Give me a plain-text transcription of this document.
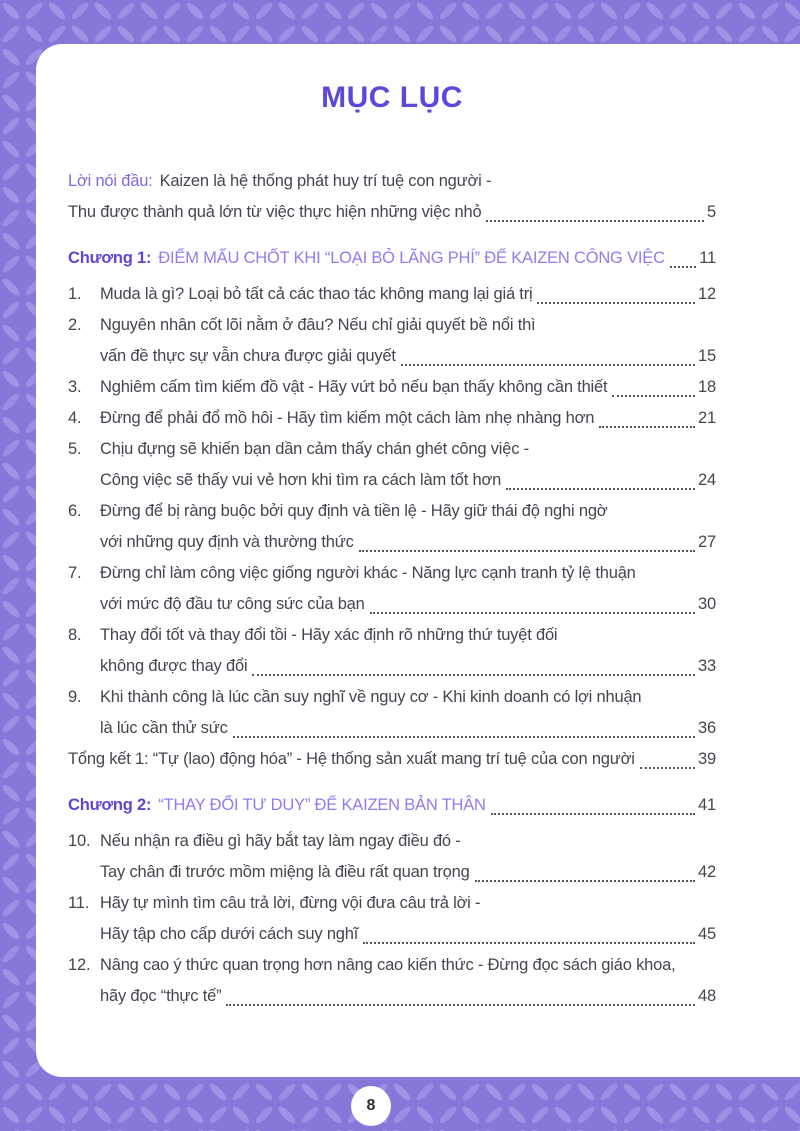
MỤC LỤC
Lời nói đầu: Kaizen là hệ thống phát huy trí tuệ con người -
Thu được thành quả lớn từ việc thực hiện những việc nhỏ	5
Chương 1: ĐIỂM MẤU CHỐT KHI “LOẠI BỎ LÃNG PHÍ” ĐỂ KAIZEN CÔNG VIỆC 11
1.	Muda là gì? Loại bỏ tất cả các thao tác không mang lại giá trị	12
2.	Nguyên nhân cốt lõi nằm ở đâu? Nếu chỉ giải quyết bề nổi thì
vấn đề thực sự vẫn chưa được giải quyết	15
3.	Nghiêm cấm tìm kiếm đồ vật - Hãy vứt bỏ nếu bạn thấy không cần thiết	18
4.	Đừng để phải đổ mồ hôi - Hãy tìm kiếm một cách làm nhẹ nhàng hơn	21
5.	Chịu đựng sẽ khiến bạn dần cảm thấy chán ghét công việc -
Công việc sẽ thấy vui vẻ hơn khi tìm ra cách làm tốt hơn	24
6.	Đừng để bị ràng buộc bởi quy định và tiền lệ - Hãy giữ thái độ nghi ngờ
với những quy định và thường thức	27
7.	Đừng chỉ làm công việc giống người khác - Năng lực cạnh tranh tỷ lệ thuận
với mức độ đầu tư công sức của bạn	30
8.	Thay đổi tốt và thay đổi tồi - Hãy xác định rõ những thứ tuyệt đối
không được thay đổi	33
9.	Khi thành công là lúc cần suy nghĩ về nguy cơ - Khi kinh doanh có lợi nhuận
là lúc cần thử sức	36
Tổng kết 1: “Tự (lao) động hóa” - Hệ thống sản xuất mang trí tuệ của con người	39
Chương 2: “THAY ĐỔI TƯ DUY” ĐỂ KAIZEN BẢN THÂN	41
10. Nếu nhận ra điều gì hãy bắt tay làm ngay điều đó -
Tay chân đi trước mồm miệng là điều rất quan trọng	42
11. Hãy tự mình tìm câu trả lời, đừng vội đưa câu trả lời -
Hãy tập cho cấp dưới cách suy nghĩ	45
12. Nâng cao ý thức quan trọng hơn nâng cao kiến thức - Đừng đọc sách giáo khoa,
hãy đọc “thực tế”	48
8
